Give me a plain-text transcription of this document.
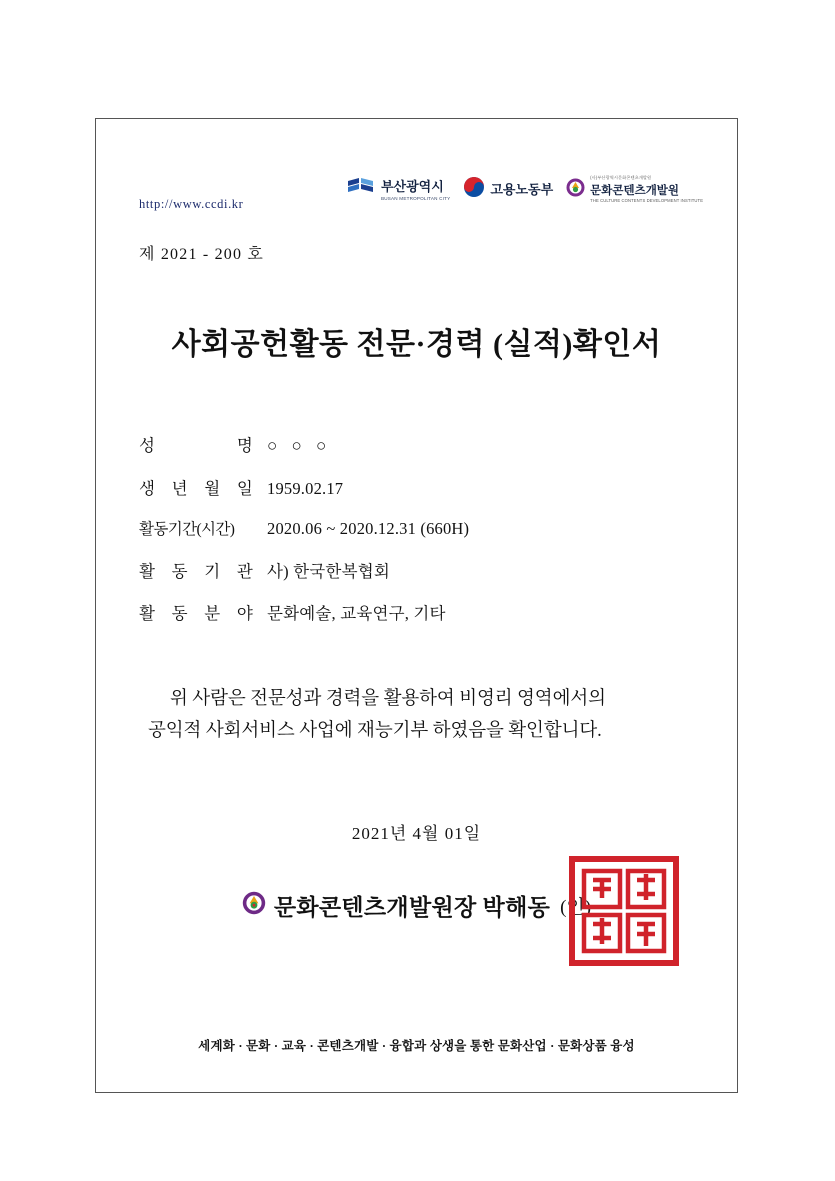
http://www.ccdi.kr
부산광역시
BUSAN METROPOLITAN CITY
고용노동부
(사)부산광역시문화콘텐츠개발원
문화콘텐츠개발원
THE CULTURE CONTENTS DEVELOPMENT INSTITUTE
제 2021 - 200 호
사회공헌활동 전문·경력 (실적)확인서
성	명 ○ ○ ○
생 년 월 일 1959.02.17
활동기간(시간)	2020.06 ~ 2020.12.31 (660H)
활 동 기 관 사) 한국한복협회
활 동 분 야 문화예술, 교육연구, 기타
위 사람은 전문성과 경력을 활용하여 비영리 영역에서의
공익적 사회서비스 사업에 재능기부 하였음을 확인합니다.
2021년 4월 01일
문화콘텐츠개발원장 박해동 (인)
세계화 · 문화 · 교육 · 콘텐츠개발 · 융합과 상생을 통한 문화산업 · 문화상품 융성
